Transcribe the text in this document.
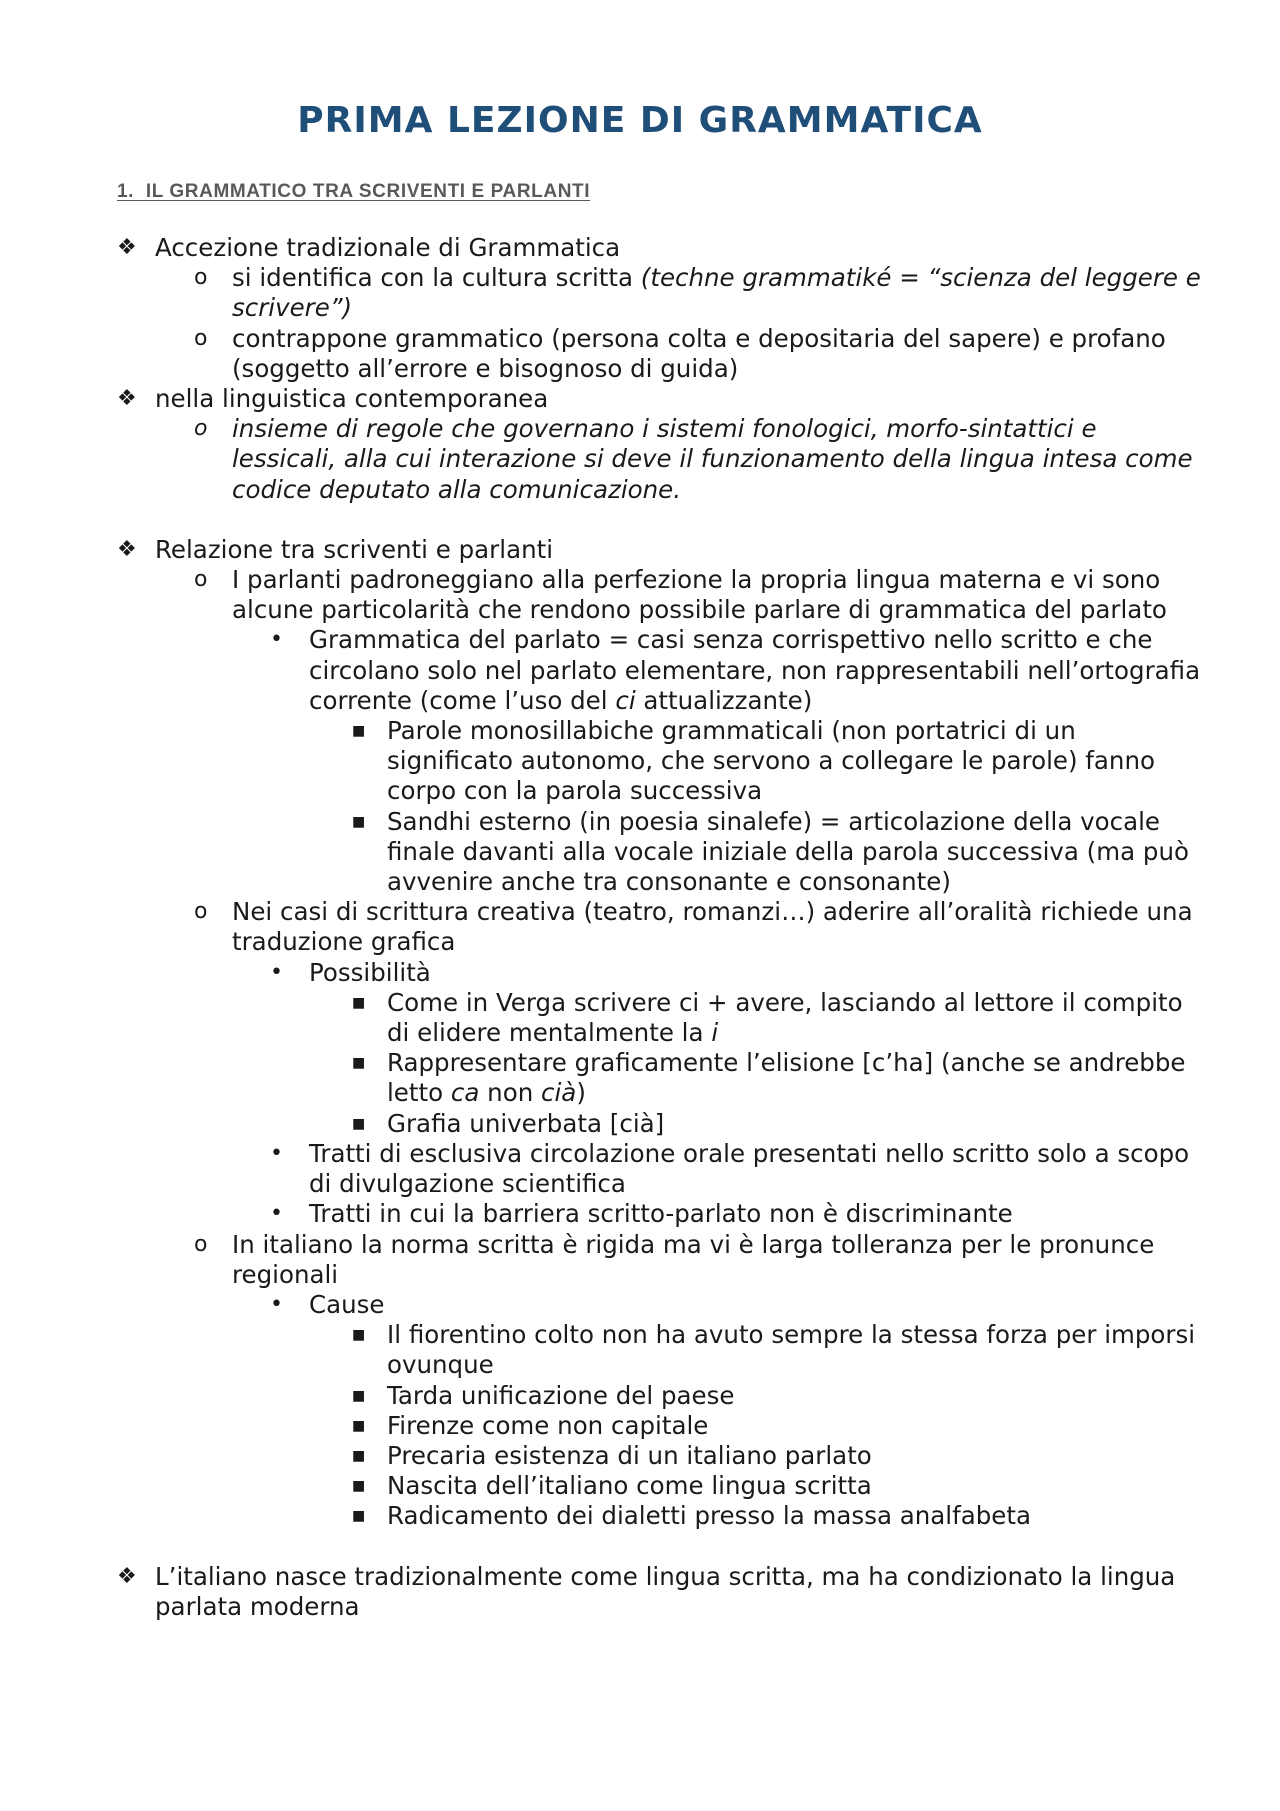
PRIMA LEZIONE DI GRAMMATICA
1. IL GRAMMATICO TRA SCRIVENTI E PARLANTI
❖ Accezione tradizionale di Grammatica
o si identifica con la cultura scritta (techne grammatiké = “scienza del leggere e scrivere”)
o contrappone grammatico (persona colta e depositaria del sapere) e profano (soggetto all’errore e bisognoso di guida)
❖ nella linguistica contemporanea
o insieme di regole che governano i sistemi fonologici, morfo-sintattici e lessicali, alla cui interazione si deve il funzionamento della lingua intesa come codice deputato alla comunicazione.
❖ Relazione tra scriventi e parlanti
o I parlanti padroneggiano alla perfezione la propria lingua materna e vi sono alcune particolarità che rendono possibile parlare di grammatica del parlato
• Grammatica del parlato = casi senza corrispettivo nello scritto e che circolano solo nel parlato elementare, non rappresentabili nell’ortografia corrente (come l’uso del ci attualizzante)
■ Parole monosillabiche grammaticali (non portatrici di un significato autonomo, che servono a collegare le parole) fanno corpo con la parola successiva
■ Sandhi esterno (in poesia sinalefe) = articolazione della vocale finale davanti alla vocale iniziale della parola successiva (ma può avvenire anche tra consonante e consonante)
o Nei casi di scrittura creativa (teatro, romanzi…) aderire all’oralità richiede una traduzione grafica
• Possibilità
■ Come in Verga scrivere ci + avere, lasciando al lettore il compito di elidere mentalmente la i
■ Rappresentare graficamente l’elisione [c’ha] (anche se andrebbe letto ca non cià)
■ Grafia univerbata [cià]
• Tratti di esclusiva circolazione orale presentati nello scritto solo a scopo di divulgazione scientifica
• Tratti in cui la barriera scritto-parlato non è discriminante
o In italiano la norma scritta è rigida ma vi è larga tolleranza per le pronunce regionali
• Cause
■ Il fiorentino colto non ha avuto sempre la stessa forza per imporsi ovunque
■ Tarda unificazione del paese
■ Firenze come non capitale
■ Precaria esistenza di un italiano parlato
■ Nascita dell’italiano come lingua scritta
■ Radicamento dei dialetti presso la massa analfabeta
❖ L’italiano nasce tradizionalmente come lingua scritta, ma ha condizionato la lingua parlata moderna
